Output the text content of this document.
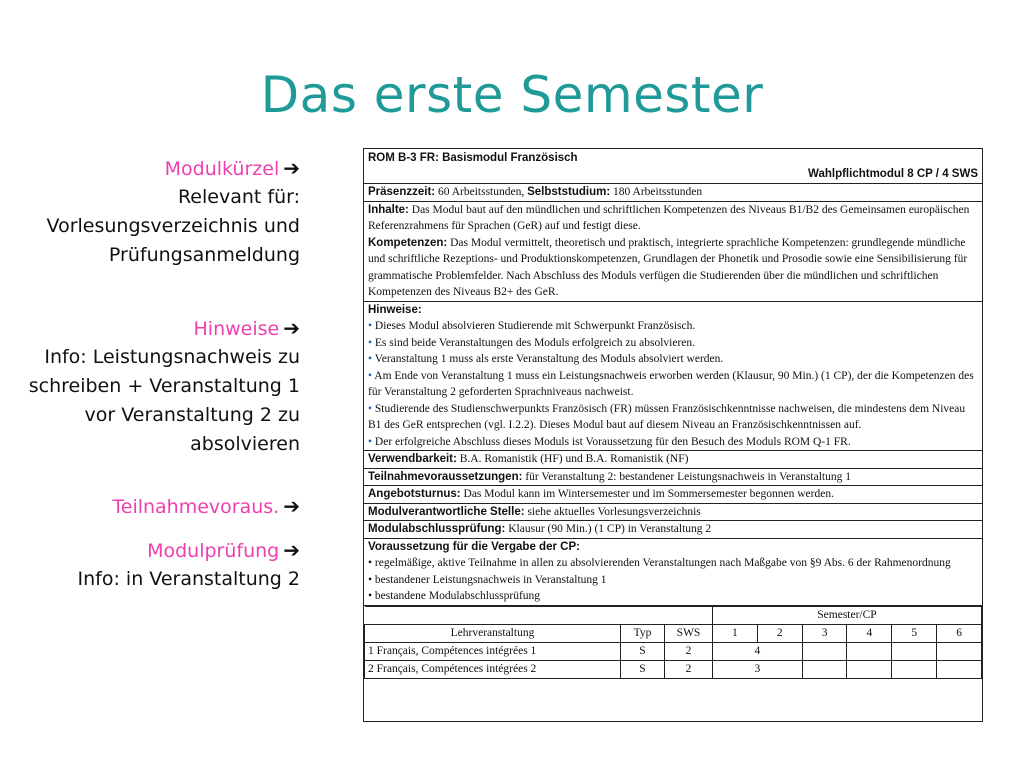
Das erste Semester
Modulkürzel ➔
Relevant für:
Vorlesungsverzeichnis und
Prüfungsanmeldung
Hinweise ➔
Info: Leistungsnachweis zu
schreiben + Veranstaltung 1
vor Veranstaltung 2 zu
absolvieren
Teilnahmevoraus. ➔
Modulprüfung ➔
Info: in Veranstaltung 2
ROM B-3 FR: Basismodul Französisch
Wahlpflichtmodul 8 CP / 4 SWS
Präsenzzeit: 60 Arbeitsstunden, Selbststudium: 180 Arbeitsstunden
Inhalte: Das Modul baut auf den mündlichen und schriftlichen Kompetenzen des Niveaus B1/B2 des Gemeinsamen europäischen Referenzrahmens für Sprachen (GeR) auf und festigt diese.
Kompetenzen: Das Modul vermittelt, theoretisch und praktisch, integrierte sprachliche Kompetenzen: grundlegende mündliche und schriftliche Rezeptions- und Produktionskompetenzen, Grundlagen der Phonetik und Prosodie sowie eine Sensibilisierung für grammatische Problemfelder. Nach Abschluss des Moduls verfügen die Studierenden über die mündlichen und schriftlichen Kompetenzen des Niveaus B2+ des GeR.
Hinweise:
• Dieses Modul absolvieren Studierende mit Schwerpunkt Französisch.
• Es sind beide Veranstaltungen des Moduls erfolgreich zu absolvieren.
• Veranstaltung 1 muss als erste Veranstaltung des Moduls absolviert werden.
• Am Ende von Veranstaltung 1 muss ein Leistungsnachweis erworben werden (Klausur, 90 Min.) (1 CP), der die Kompetenzen des für Veranstaltung 2 geforderten Sprachniveaus nachweist.
• Studierende des Studienschwerpunkts Französisch (FR) müssen Französischkenntnisse nachweisen, die mindestens dem Niveau B1 des GeR entsprechen (vgl. I.2.2). Dieses Modul baut auf diesem Niveau an Französischkenntnissen auf.
• Der erfolgreiche Abschluss dieses Moduls ist Voraussetzung für den Besuch des Moduls ROM Q-1 FR.
Verwendbarkeit: B.A. Romanistik (HF) und B.A. Romanistik (NF)
Teilnahmevoraussetzungen: für Veranstaltung 2: bestandener Leistungsnachweis in Veranstaltung 1
Angebotsturnus: Das Modul kann im Wintersemester und im Sommersemester begonnen werden.
Modulverantwortliche Stelle: siehe aktuelles Vorlesungsverzeichnis
Modulabschlussprüfung: Klausur (90 Min.) (1 CP) in Veranstaltung 2
Voraussetzung für die Vergabe der CP:
• regelmäßige, aktive Teilnahme in allen zu absolvierenden Veranstaltungen nach Maßgabe von §9 Abs. 6 der Rahmenordnung
• bestandener Leistungsnachweis in Veranstaltung 1
• bestandene Modulabschlussprüfung
			Semester/CP					
Lehrveranstaltung	Typ	SWS	1	2	3	4	5	6
1 Français, Compétences intégrées 1	S	2	4					
2 Français, Compétences intégrées 2	S	2	3					
